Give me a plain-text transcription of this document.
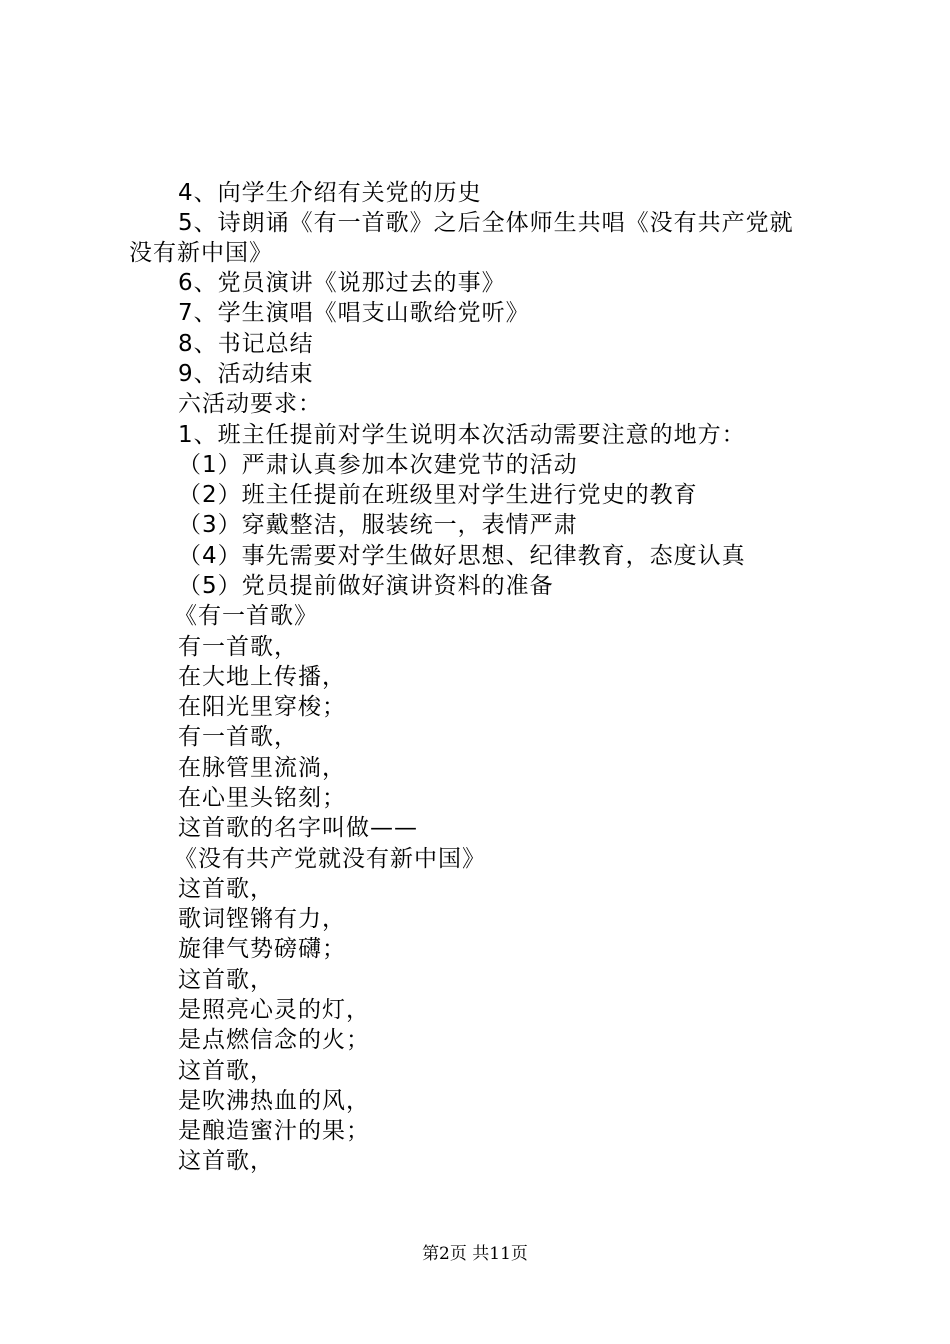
4、向学生介绍有关党的历史
5、诗朗诵《有一首歌》之后全体师生共唱《没有共产党就
没有新中国》
6、党员演讲《说那过去的事》
7、学生演唱《唱支山歌给党听》
8、书记总结
9、活动结束
六活动要求：
1、班主任提前对学生说明本次活动需要注意的地方：
（1）严肃认真参加本次建党节的活动
（2）班主任提前在班级里对学生进行党史的教育
（3）穿戴整洁，服装统一，表情严肃
（4）事先需要对学生做好思想、纪律教育，态度认真
（5）党员提前做好演讲资料的准备
《有一首歌》
有一首歌，
在大地上传播，
在阳光里穿梭；
有一首歌，
在脉管里流淌，
在心里头铭刻；
这首歌的名字叫做——
《没有共产党就没有新中国》
这首歌，
歌词铿锵有力，
旋律气势磅礴；
这首歌，
是照亮心灵的灯，
是点燃信念的火；
这首歌，
是吹沸热血的风，
是酿造蜜汁的果；
这首歌，
第2页 共11页
